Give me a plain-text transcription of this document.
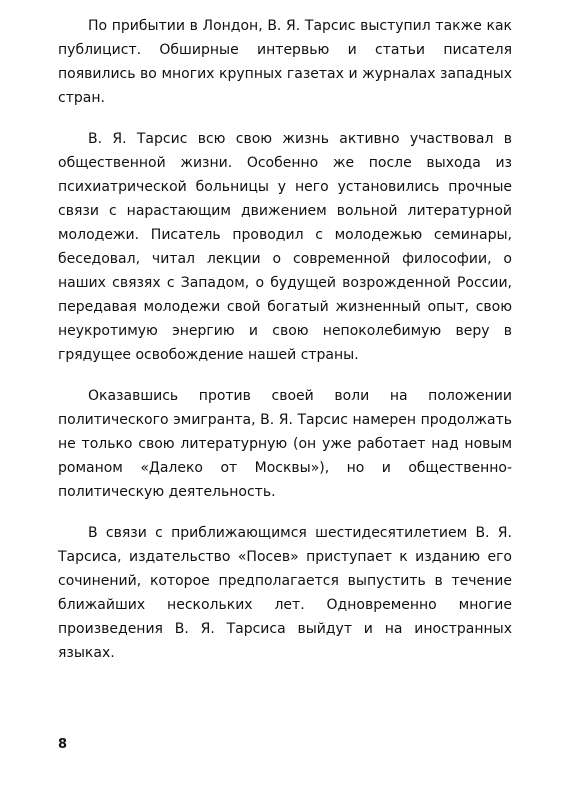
По прибытии в Лондон, В. Я. Тарсис выступил также как публицист. Обширные интервью и статьи писателя появились во многих крупных газетах и журналах западных стран.

В. Я. Тарсис всю свою жизнь активно участвовал в общественной жизни. Особенно же после выхода из психиатрической больницы у него установились прочные связи с нарастающим движением вольной литературной молодежи. Писатель проводил с молодежью семинары, беседовал, читал лекции о современной философии, о наших связях с Западом, о будущей возрожденной России, передавая молодежи свой богатый жизненный опыт, свою неукротимую энергию и свою непоколебимую веру в грядущее освобождение нашей страны.

Оказавшись против своей воли на положении политического эмигранта, В. Я. Тарсис намерен продолжать не только свою литературную (он уже работает над новым романом «Далеко от Москвы»), но и общественно-политическую деятельность.

В связи с приближающимся шестидесятилетием В. Я. Тарсиса, издательство «Посев» приступает к изданию его сочинений, которое предполагается выпустить в течение ближайших нескольких лет. Одновременно многие произведения В. Я. Тарсиса выйдут и на иностранных языках.

8
